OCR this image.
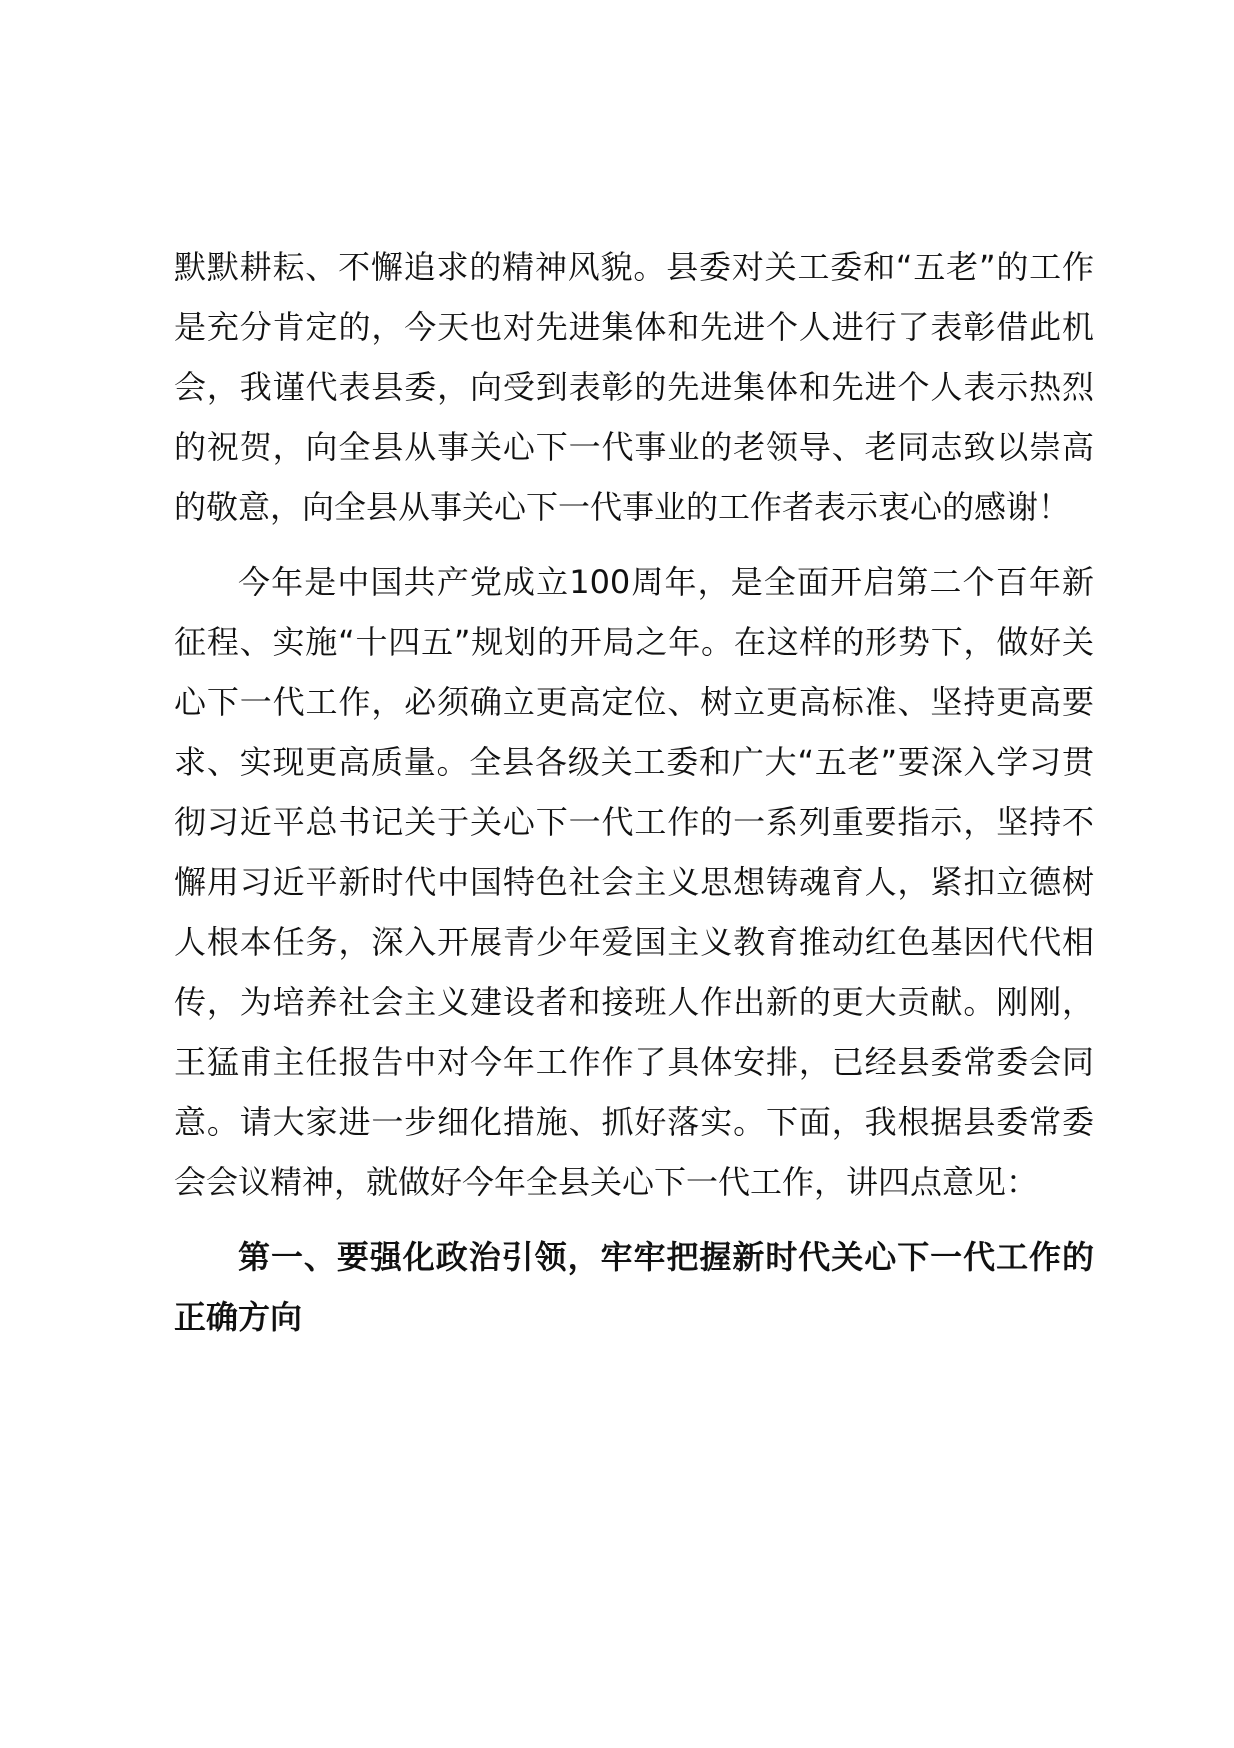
默默耕耘、不懈追求的精神风貌。县委对关工委和“五老”的工作是充分肯定的，今天也对先进集体和先进个人进行了表彰借此机会，我谨代表县委，向受到表彰的先进集体和先进个人表示热烈的祝贺，向全县从事关心下一代事业的老领导、老同志致以崇高的敬意，向全县从事关心下一代事业的工作者表示衷心的感谢！

今年是中国共产党成立100周年，是全面开启第二个百年新征程、实施“十四五”规划的开局之年。在这样的形势下，做好关心下一代工作，必须确立更高定位、树立更高标准、坚持更高要求、实现更高质量。全县各级关工委和广大“五老”要深入学习贯彻习近平总书记关于关心下一代工作的一系列重要指示，坚持不懈用习近平新时代中国特色社会主义思想铸魂育人，紧扣立德树人根本任务，深入开展青少年爱国主义教育推动红色基因代代相传，为培养社会主义建设者和接班人作出新的更大贡献。刚刚，王猛甫主任报告中对今年工作作了具体安排，已经县委常委会同意。请大家进一步细化措施、抓好落实。下面，我根据县委常委会会议精神，就做好今年全县关心下一代工作，讲四点意见：

第一、要强化政治引领，牢牢把握新时代关心下一代工作的正确方向
